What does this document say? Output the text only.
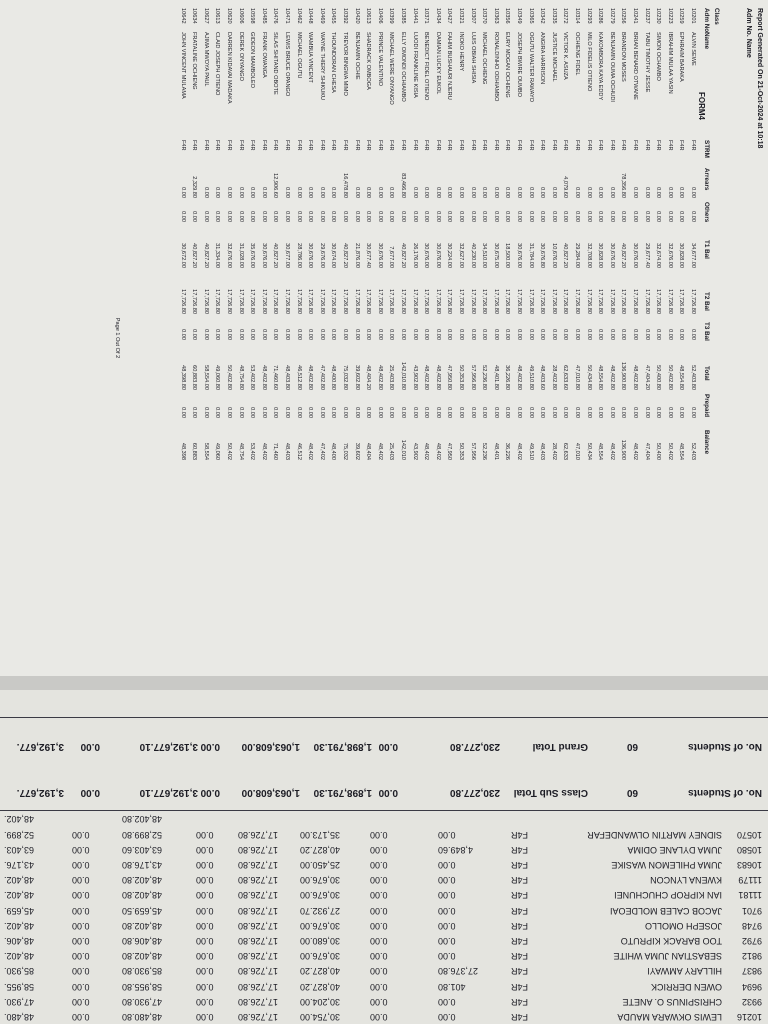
Report Generated On 21-Oct-2024 at 10:18
Adm No. Name
Class
FORM4
Adm No.
Name
STRM
Arrears
Others
T1 Bal
T2 Bal
T3 Bal
Total
Prepaid
Balance
10201
ALVIN SEWE
F4R
0.00
0.00
34,677.00
17,726.80
0.00
52,403.80
0.00
52,403
10259
EPHRAIM BARAKA
F4R
0.00
0.00
30,828.00
17,726.80
0.00
48,554.80
0.00
48,554
10223
IBRAHIM MULAA YASIN
F4R
0.00
0.00
32,676.00
17,726.80
0.00
50,402.80
0.00
50,402
10230
SIMON OCHAMBO
F4R
0.00
0.00
32,674.00
17,726.80
0.00
50,400.80
0.00
50,400
10237
TABU TIMOTHY JESSE
F4R
0.00
0.00
29,677.40
17,726.80
0.00
47,404.20
0.00
47,404
10241
BRIAN BENARD OTWANE
F4R
0.00
0.00
30,676.00
17,726.80
0.00
48,402.80
0.00
48,402
10256
BRANDON MOSES
F4R
78,356.80
0.00
40,827.20
17,726.80
0.00
136,900.80
0.00
136,900
10279
BENJAMIN OUMA OCHUDI
F4R
0.00
0.00
30,676.00
17,726.80
0.00
48,402.80
0.00
48,402
10286
KAKOMBORA KAYA EDDY
F4R
0.00
0.00
30,828.00
17,726.80
0.00
48,554.80
0.00
48,554
10293
MILO FIDELIS OTIENO
F4R
0.00
0.00
32,708.00
17,726.80
0.00
50,434.80
0.00
50,434
10314
OCHIENG FIDEL
F4R
0.00
0.00
29,284.00
17,726.80
0.00
47,010.80
0.00
47,010
10272
VICTOR K. ASUZA
F4R
4,079.60
0.00
40,827.20
17,726.80
0.00
62,633.60
0.00
62,633
10335
JUSTICE MICHAEL
F4R
0.00
0.00
10,676.00
17,726.80
0.00
28,402.80
0.00
28,402
10342
ANGIRA HARRISON
F4R
0.00
0.00
30,676.80
17,726.80
0.00
48,403.60
0.00
48,403
10365
OGUTU WALTER RAWAYO
F4R
0.00
0.00
31,784.00
17,726.80
0.00
49,510.80
0.00
49,510
10349
JOSEPH BWIRE OUMBO
F4R
0.00
0.00
30,676.00
17,726.80
0.00
48,402.80
0.00
48,402
10356
EURY MOGAN OCHIENG
F4R
0.00
0.00
18,500.00
17,726.80
0.00
36,226.80
0.00
36,226
10363
RONALDINHO ODHIAMBO
F4R
0.00
0.00
30,675.00
17,726.80
0.00
48,401.80
0.00
48,401
10370
MICHAEL OCHIENG
F4R
0.00
0.00
34,510.00
17,726.80
0.00
52,236.80
0.00
52,236
10307
LUIS OBIAH SHISIA
F4R
0.00
0.00
40,230.00
17,726.80
0.00
57,956.80
0.00
57,956
10321
INOKO HENRY
F4R
0.00
0.00
32,627.00
17,726.80
0.00
50,353.80
0.00
50,353
10427
FAHIM BUSHAURI NJERU
F4R
0.00
0.00
30,224.00
17,726.80
0.00
47,950.80
0.00
47,950
10434
DAMIAN LUCKY EUKOL
F4R
0.00
0.00
30,676.00
17,726.80
0.00
48,402.80
0.00
48,402
10371
BENEDICT FIDEL OTIENO
F4R
0.00
0.00
30,676.00
17,726.80
0.00
48,402.80
0.00
48,402
10441
LUODI FRANKLINE KISIA
F4R
0.00
0.00
26,176.00
17,726.80
0.00
43,902.80
0.00
43,902
10385
ELLY OMONDI OCHIAMBO
F4R
83,466.80
0.00
40,827.20
17,726.80
0.00
142,010.80
0.00
142,010
10399
MICHAEL WERE ONYANGO
F4R
0.00
0.00
7,677.00
17,726.80
0.00
25,403.80
0.00
25,403
10406
PRINCE VALENTINO
F4R
0.00
0.00
30,676.00
17,726.80
0.00
48,402.80
0.00
48,402
10613
SHADRACK OMBOGA
F4R
0.00
0.00
30,677.40
17,726.80
0.00
48,404.20
0.00
48,404
10420
BENJAMIN OCHIE
F4R
0.00
0.00
21,876.00
17,726.80
0.00
39,602.80
0.00
39,602
10392
TREVOR BINGWA MIMO
F4R
16,478.80
0.00
40,827.20
17,726.80
0.00
75,032.80
0.00
75,032
10455
THOUNDORAN CHESA
F4R
0.00
0.00
30,674.00
17,726.80
0.00
48,400.80
0.00
48,400
10469
WAYNE THIERY SHIKUKU
F4R
0.00
0.00
29,676.00
17,726.80
0.00
47,402.80
0.00
47,402
10448
WAMBUA VINCENT
F4R
0.00
0.00
30,676.00
17,726.80
0.00
48,402.80
0.00
48,402
10462
MICHAEL OGUTU
F4R
0.00
0.00
28,786.00
17,726.80
0.00
46,512.80
0.00
46,512
10471
LEWIS BRUCE OPANGO
F4R
0.00
0.00
30,677.00
17,726.80
0.00
48,403.80
0.00
48,403
10476
SILAS SHITAND OBOTE
F4R
12,906.60
0.00
40,827.20
17,726.80
0.00
71,460.60
0.00
71,460
10485
FRANK OWANGA
F4R
0.00
0.00
30,676.00
17,726.80
0.00
48,402.80
0.00
48,402
10598
GIDEON MAMBOLEO
F4R
0.00
0.00
35,676.00
17,726.80
0.00
53,402.80
0.00
53,402
10606
DEREK ONYANGO
F4R
0.00
0.00
31,028.00
17,726.80
0.00
48,754.80
0.00
48,754
10620
DARREN KIDAVAI MADAKA
F4R
0.00
0.00
32,676.00
17,726.80
0.00
50,402.80
0.00
50,402
10613
CLAID JOSEPH OTIENO
F4R
0.00
0.00
31,334.00
17,726.80
0.00
49,060.80
0.00
49,060
10627
AJIMA MWOYA PAUL
F4R
0.00
0.00
40,827.20
17,726.80
0.00
58,554.00
0.00
58,554
10634
FRATALINE OCHIENG
F4R
2,329.80
0.00
40,827.20
17,726.80
0.00
60,883.80
0.00
60,883
10642
JOHN VINCENT MULAMA
F4R
0.00
0.00
30,672.00
17,726.80
0.00
48,398.80
0.00
48,398
Page 1 Out Of 2
10216
LEWIS OKWARA MAUDA
F4R
0.00
0.00
30,754.00
17,726.80
0.00
48,480.80
0.00
48,480.
9932
CHRISPINUS O. ANETE
F4R
0.00
0.00
30,204.00
17,726.80
0.00
47,930.80
0.00
47,930.
9694
OWEN DERRICK
F4R
401.80
0.00
40,827.20
17,726.80
0.00
58,955.80
0.00
58,955.
9837
HILLARY AMWAYI
F4R
27,376.80
0.00
40,827.20
17,726.80
0.00
85,930.80
0.00
85,930.
9812
SEBASTIAN JUMA WHITE
F4R
0.00
0.00
30,676.00
17,726.80
0.00
48,402.80
0.00
48,402.
9792
TOO BARACK KIPRUTO
F4R
0.00
0.00
30,680.00
17,726.80
0.00
48,406.80
0.00
48,406.
9748
JOSEPH OMOLLO
F4R
0.00
0.00
30,676.00
17,726.80
0.00
48,402.80
0.00
48,402.
9701
JACOB CALEB MOLDEOAI
F4R
0.00
0.00
27,932.70
17,726.80
0.00
45,659.50
0.00
45,659.
11181
IAN KIPROP CHUCHUNEI
F4R
0.00
0.00
30,676.00
17,726.80
0.00
48,402.80
0.00
48,402.
11179
KWENA LYNCON
F4R
0.00
0.00
30,676.00
17,726.80
0.00
48,402.80
0.00
48,402.
10683
JUMA PHILEMON WASIKE
F4R
0.00
0.00
25,450.00
17,726.80
0.00
43,176.80
0.00
43,176.
10580
JUMA DYLANE ODIMA
F4R
4,849.60
0.00
40,827.20
17,726.80
0.00
63,403.60
0.00
63,403.
10570
SIDNEY MARTIN OLWANDEFAR
F4R
0.00
0.00
35,173.00
17,726.80
0.00
52,899.80
0.00
52,899.
48,402.80
48,402.
No. of Students
60
Class Sub Total
230,277.80
0.00
1,898,791.30
1,063,608.00
0.00
3,192,677.10
0.00
3,192,677.
No. of Students
60
Grand Total
230,277.80
0.00
1,898,791.30
1,063,608.00
0.00
3,192,677.10
0.00
3,192,677.
